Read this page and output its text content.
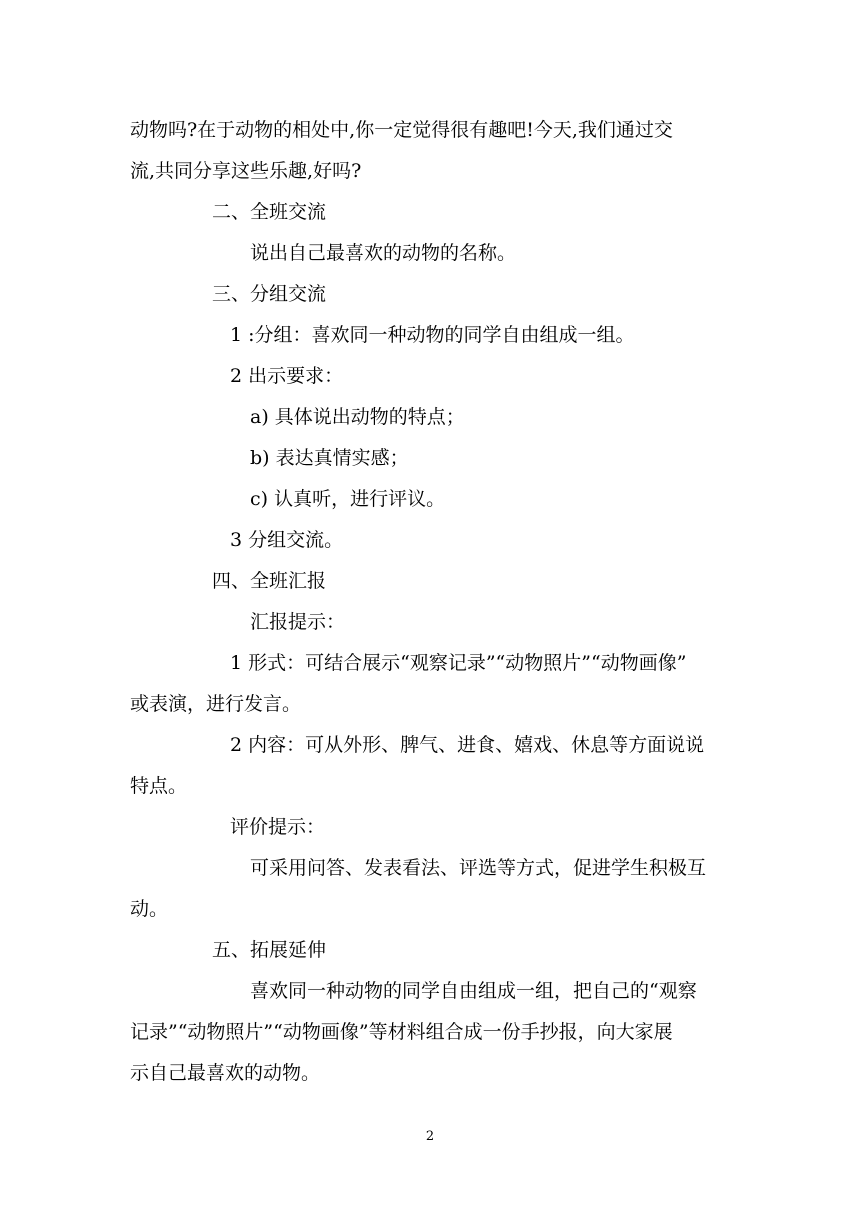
动物吗?在于动物的相处中,你一定觉得很有趣吧!今天,我们通过交
流,共同分享这些乐趣,好吗?
二、全班交流
说出自己最喜欢的动物的名称。
三、分组交流
1 :分组：喜欢同一种动物的同学自由组成一组。
2 出示要求：
a) 具体说出动物的特点；
b) 表达真情实感；
c) 认真听，进行评议。
3 分组交流。
四、全班汇报
汇报提示：
1 形式：可结合展示“观察记录”“动物照片”“动物画像”
或表演，进行发言。
2 内容：可从外形、脾气、进食、嬉戏、休息等方面说说
特点。
评价提示：
可采用问答、发表看法、评选等方式，促进学生积极互
动。
五、拓展延伸
喜欢同一种动物的同学自由组成一组，把自己的“观察
记录”“动物照片”“动物画像”等材料组合成一份手抄报，向大家展
示自己最喜欢的动物。
2
